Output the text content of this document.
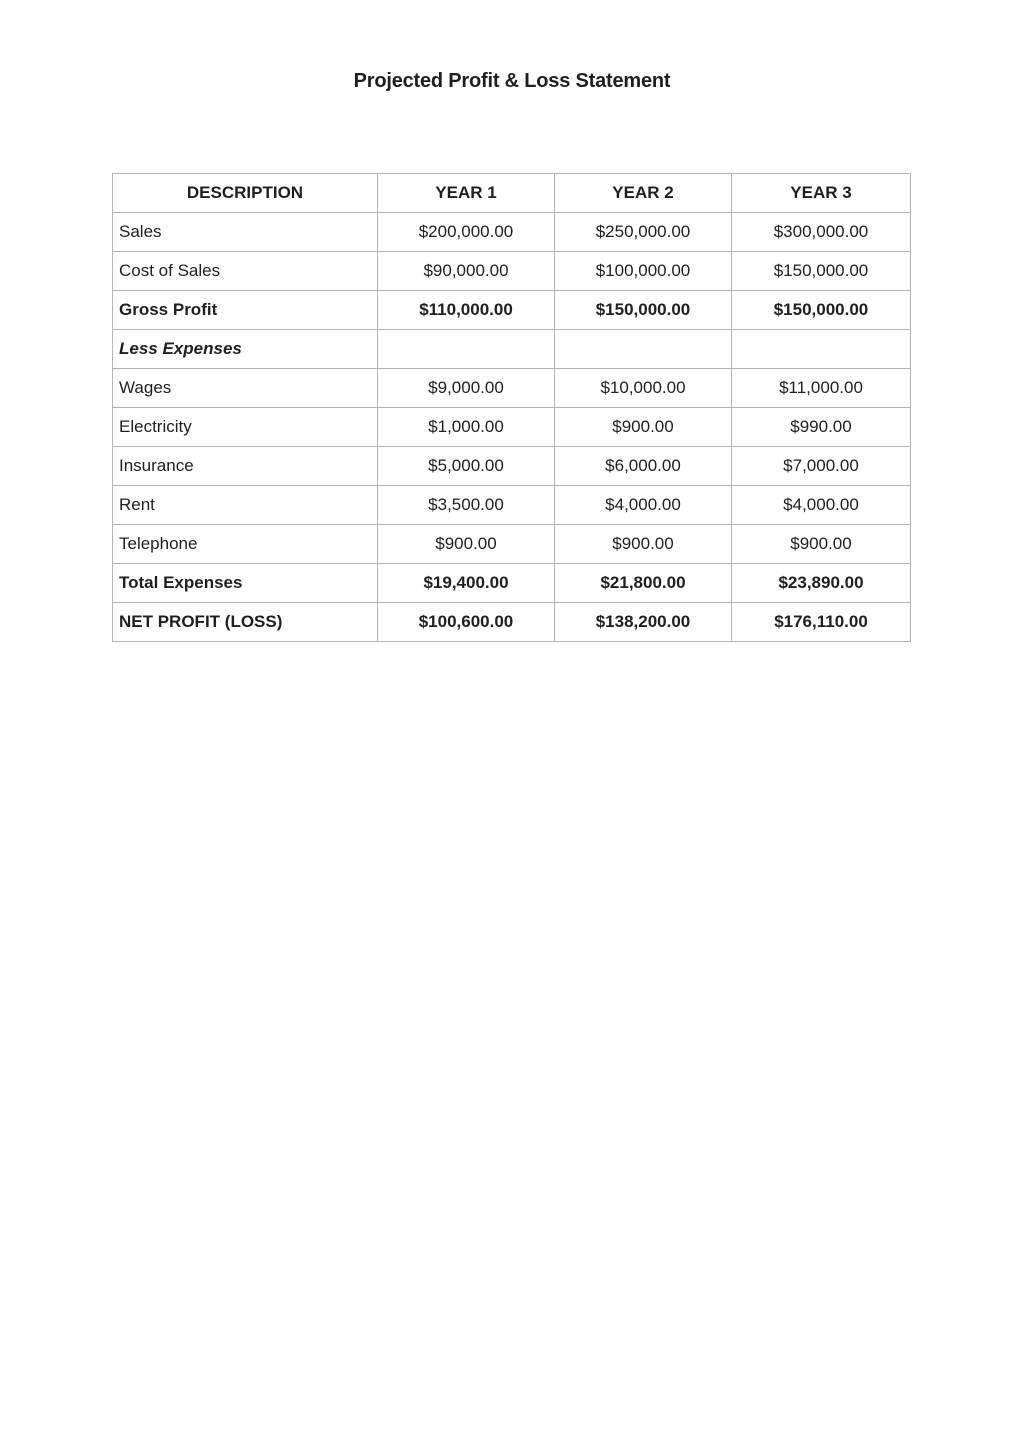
Projected Profit & Loss Statement
DESCRIPTION	YEAR 1	YEAR 2	YEAR 3
Sales	$200,000.00	$250,000.00	$300,000.00
Cost of Sales	$90,000.00	$100,000.00	$150,000.00
Gross Profit	$110,000.00	$150,000.00	$150,000.00
Less Expenses			
Wages	$9,000.00	$10,000.00	$11,000.00
Electricity	$1,000.00	$900.00	$990.00
Insurance	$5,000.00	$6,000.00	$7,000.00
Rent	$3,500.00	$4,000.00	$4,000.00
Telephone	$900.00	$900.00	$900.00
Total Expenses	$19,400.00	$21,800.00	$23,890.00
NET PROFIT (LOSS)	$100,600.00	$138,200.00	$176,110.00
